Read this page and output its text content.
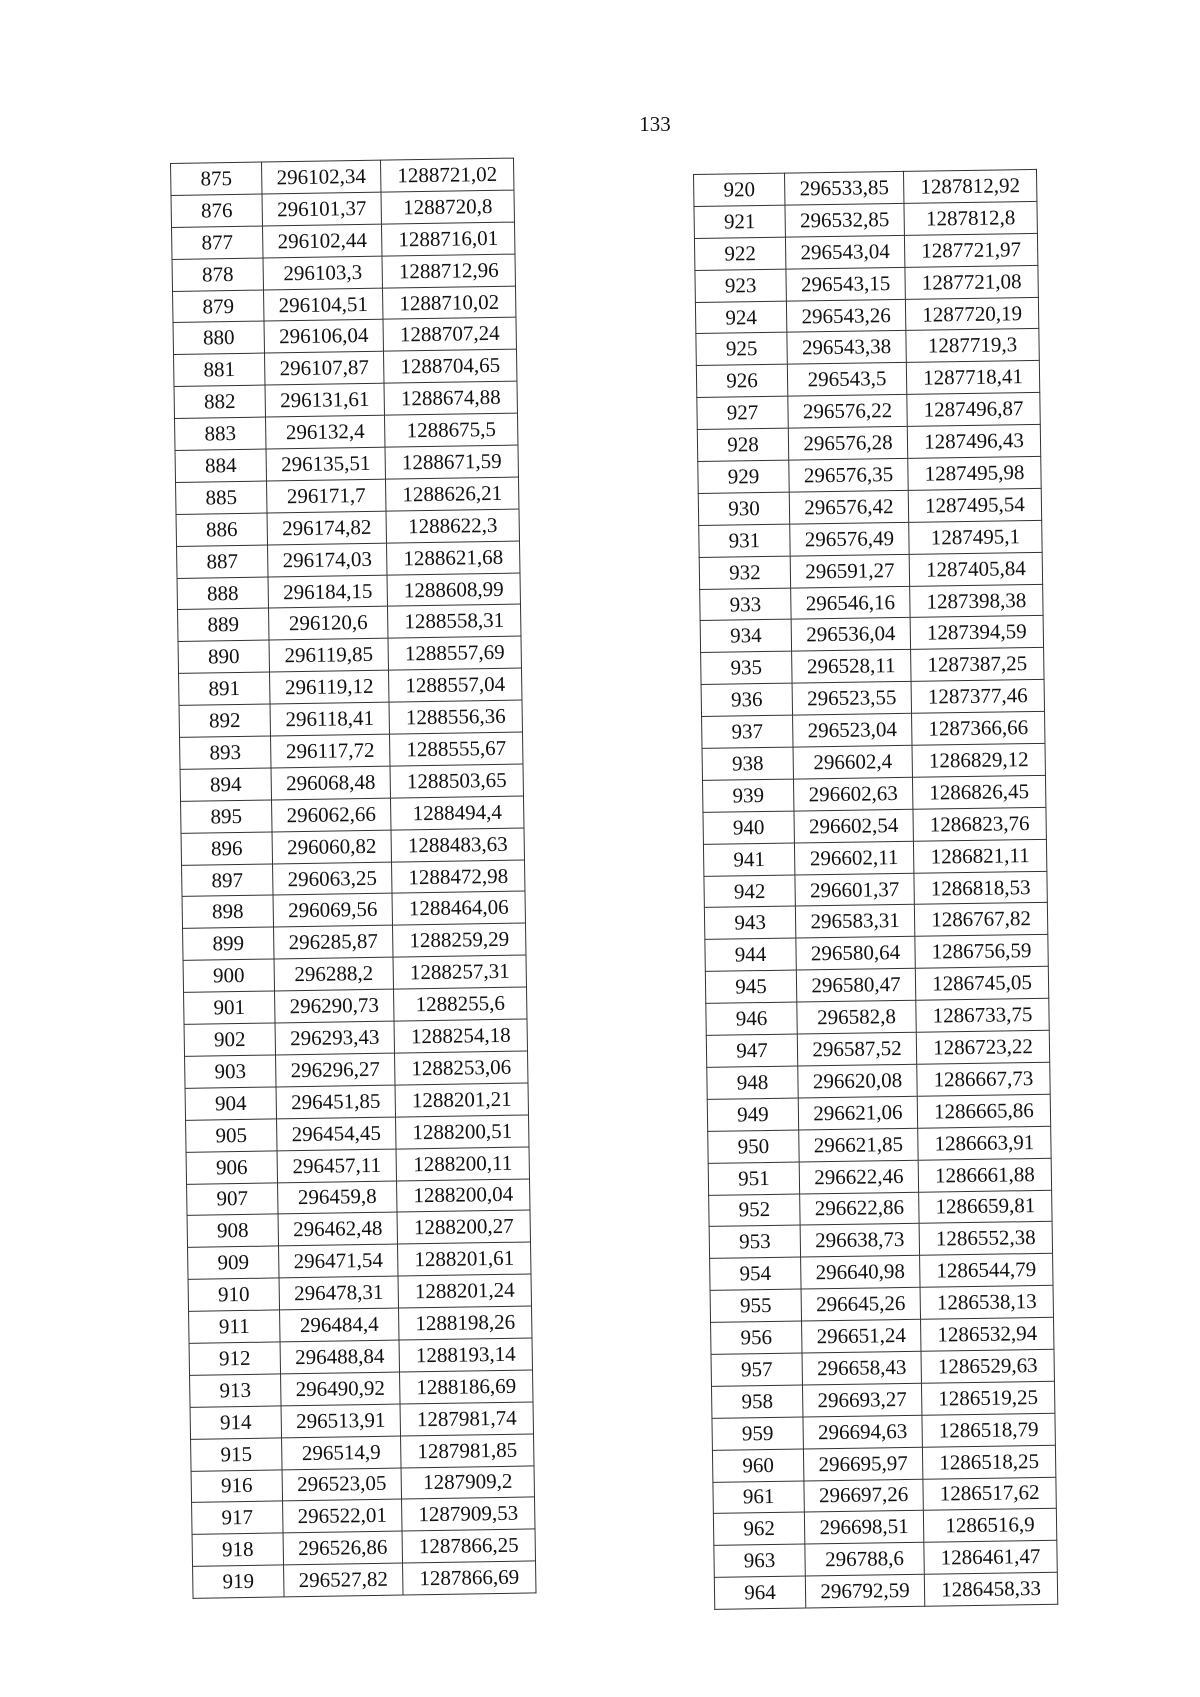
133
875	296102,34	1288721,02
876	296101,37	1288720,8
877	296102,44	1288716,01
878	296103,3	1288712,96
879	296104,51	1288710,02
880	296106,04	1288707,24
881	296107,87	1288704,65
882	296131,61	1288674,88
883	296132,4	1288675,5
884	296135,51	1288671,59
885	296171,7	1288626,21
886	296174,82	1288622,3
887	296174,03	1288621,68
888	296184,15	1288608,99
889	296120,6	1288558,31
890	296119,85	1288557,69
891	296119,12	1288557,04
892	296118,41	1288556,36
893	296117,72	1288555,67
894	296068,48	1288503,65
895	296062,66	1288494,4
896	296060,82	1288483,63
897	296063,25	1288472,98
898	296069,56	1288464,06
899	296285,87	1288259,29
900	296288,2	1288257,31
901	296290,73	1288255,6
902	296293,43	1288254,18
903	296296,27	1288253,06
904	296451,85	1288201,21
905	296454,45	1288200,51
906	296457,11	1288200,11
907	296459,8	1288200,04
908	296462,48	1288200,27
909	296471,54	1288201,61
910	296478,31	1288201,24
911	296484,4	1288198,26
912	296488,84	1288193,14
913	296490,92	1288186,69
914	296513,91	1287981,74
915	296514,9	1287981,85
916	296523,05	1287909,2
917	296522,01	1287909,53
918	296526,86	1287866,25
919	296527,82	1287866,69
920	296533,85	1287812,92
921	296532,85	1287812,8
922	296543,04	1287721,97
923	296543,15	1287721,08
924	296543,26	1287720,19
925	296543,38	1287719,3
926	296543,5	1287718,41
927	296576,22	1287496,87
928	296576,28	1287496,43
929	296576,35	1287495,98
930	296576,42	1287495,54
931	296576,49	1287495,1
932	296591,27	1287405,84
933	296546,16	1287398,38
934	296536,04	1287394,59
935	296528,11	1287387,25
936	296523,55	1287377,46
937	296523,04	1287366,66
938	296602,4	1286829,12
939	296602,63	1286826,45
940	296602,54	1286823,76
941	296602,11	1286821,11
942	296601,37	1286818,53
943	296583,31	1286767,82
944	296580,64	1286756,59
945	296580,47	1286745,05
946	296582,8	1286733,75
947	296587,52	1286723,22
948	296620,08	1286667,73
949	296621,06	1286665,86
950	296621,85	1286663,91
951	296622,46	1286661,88
952	296622,86	1286659,81
953	296638,73	1286552,38
954	296640,98	1286544,79
955	296645,26	1286538,13
956	296651,24	1286532,94
957	296658,43	1286529,63
958	296693,27	1286519,25
959	296694,63	1286518,79
960	296695,97	1286518,25
961	296697,26	1286517,62
962	296698,51	1286516,9
963	296788,6	1286461,47
964	296792,59	1286458,33
